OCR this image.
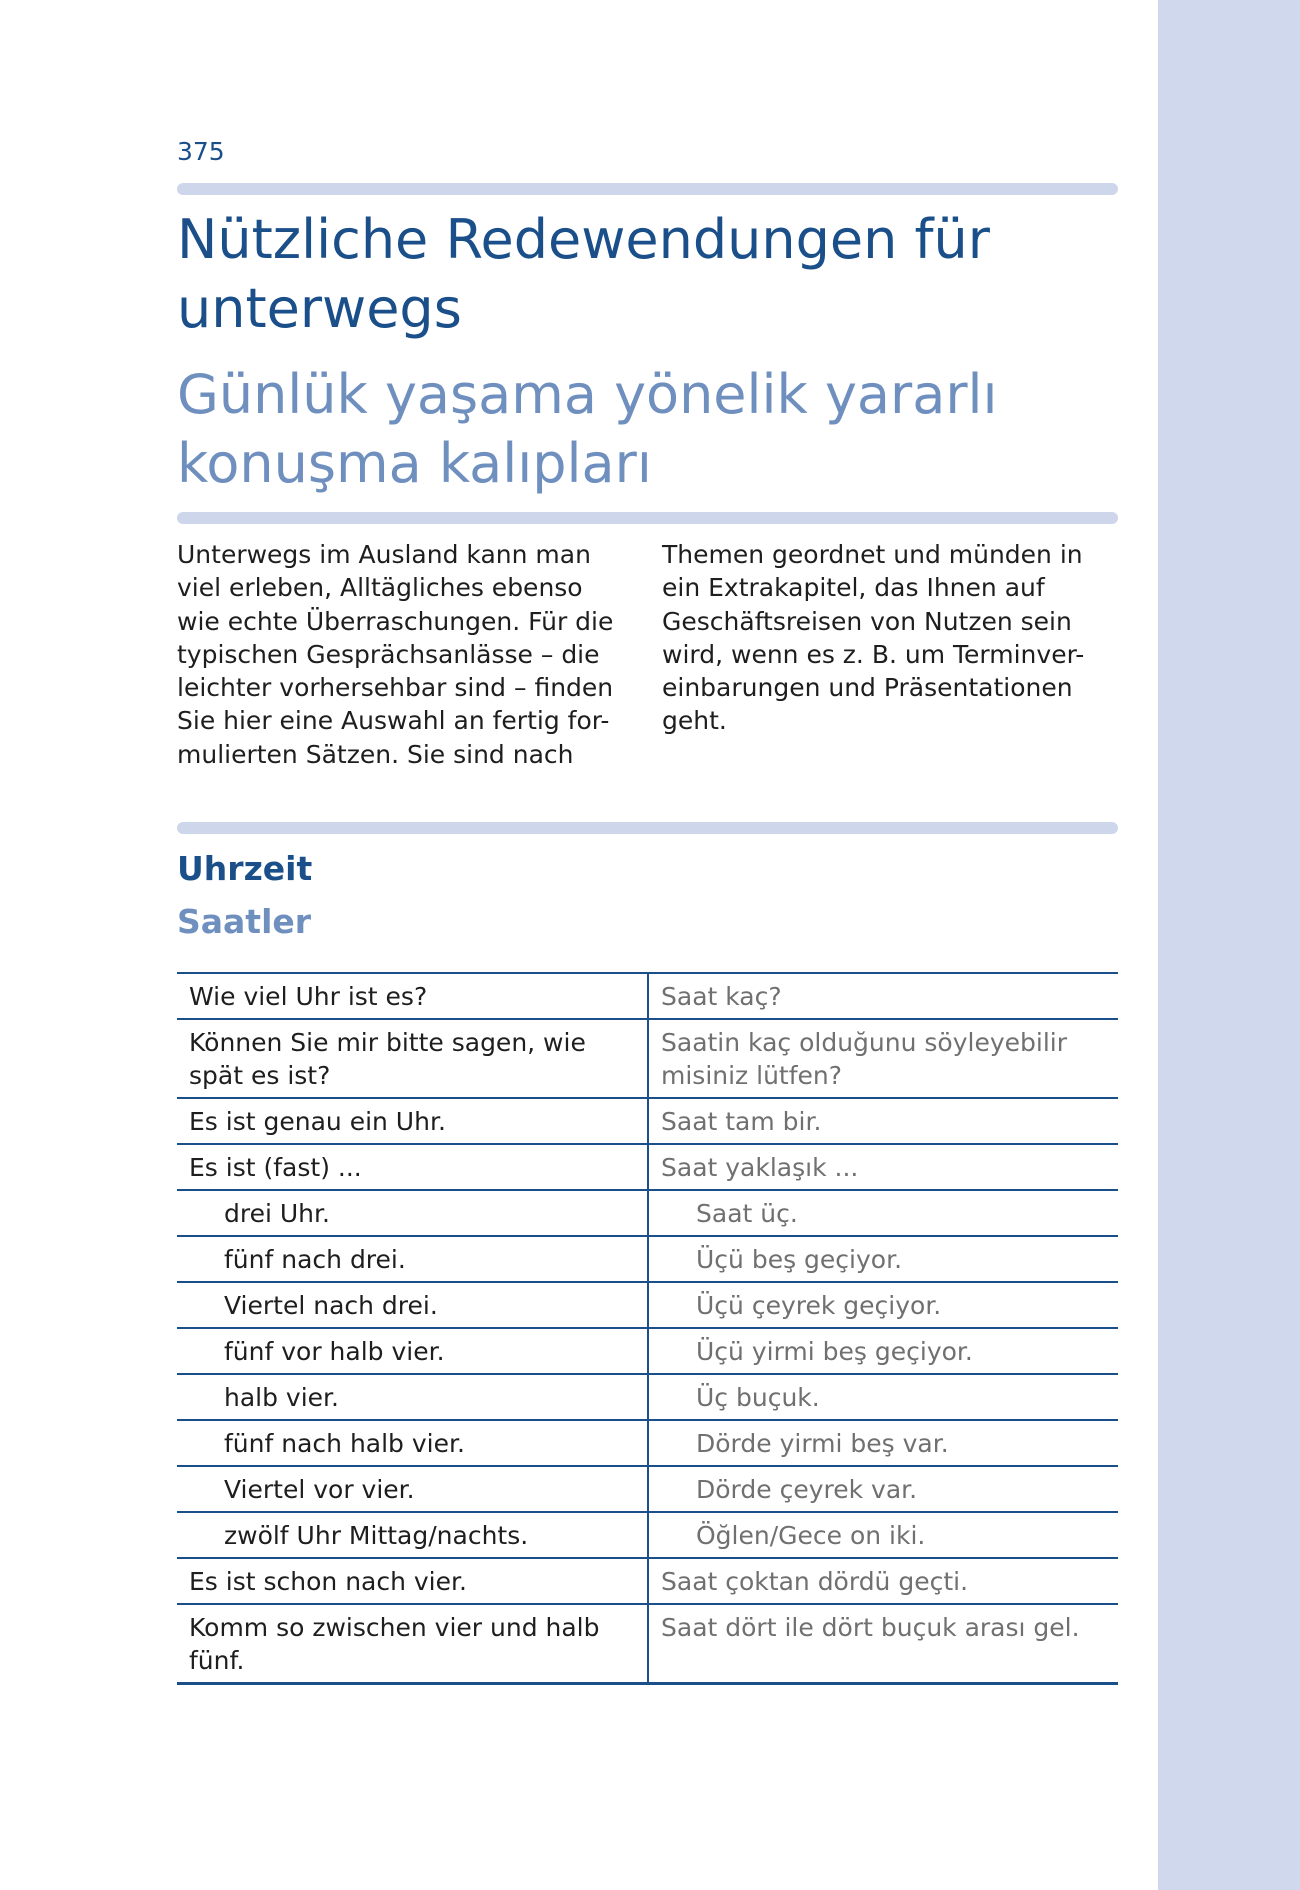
375
Nützliche Redewendungen für
unterwegs
Günlük yaşama yönelik yararlı
konuşma kalıpları

Unterwegs im Ausland kann man
viel erleben, Alltägliches ebenso
wie echte Überraschungen. Für die
typischen Gesprächsanlässe – die
leichter vorhersehbar sind – finden
Sie hier eine Auswahl an fertig for-
mulierten Sätzen. Sie sind nach

Themen geordnet und münden in
ein Extrakapitel, das Ihnen auf
Geschäftsreisen von Nutzen sein
wird, wenn es z. B. um Terminver-
einbarungen und Präsentationen
geht.

Uhrzeit
Saatler
Wie viel Uhr ist es?	Saat kaç?
Können Sie mir bitte sagen, wie spät es ist?	Saatin kaç olduğunu söyleyebilir misiniz lütfen?
Es ist genau ein Uhr.	Saat tam bir.
Es ist (fast) ...	Saat yaklaşık ...
drei Uhr.	Saat üç.
fünf nach drei.	Üçü beş geçiyor.
Viertel nach drei.	Üçü çeyrek geçiyor.
fünf vor halb vier.	Üçü yirmi beş geçiyor.
halb vier.	Üç buçuk.
fünf nach halb vier.	Dörde yirmi beş var.
Viertel vor vier.	Dörde çeyrek var.
zwölf Uhr Mittag/nachts.	Öğlen/Gece on iki.
Es ist schon nach vier.	Saat çoktan dördü geçti.
Komm so zwischen vier und halb fünf.	Saat dört ile dört buçuk arası gel.
